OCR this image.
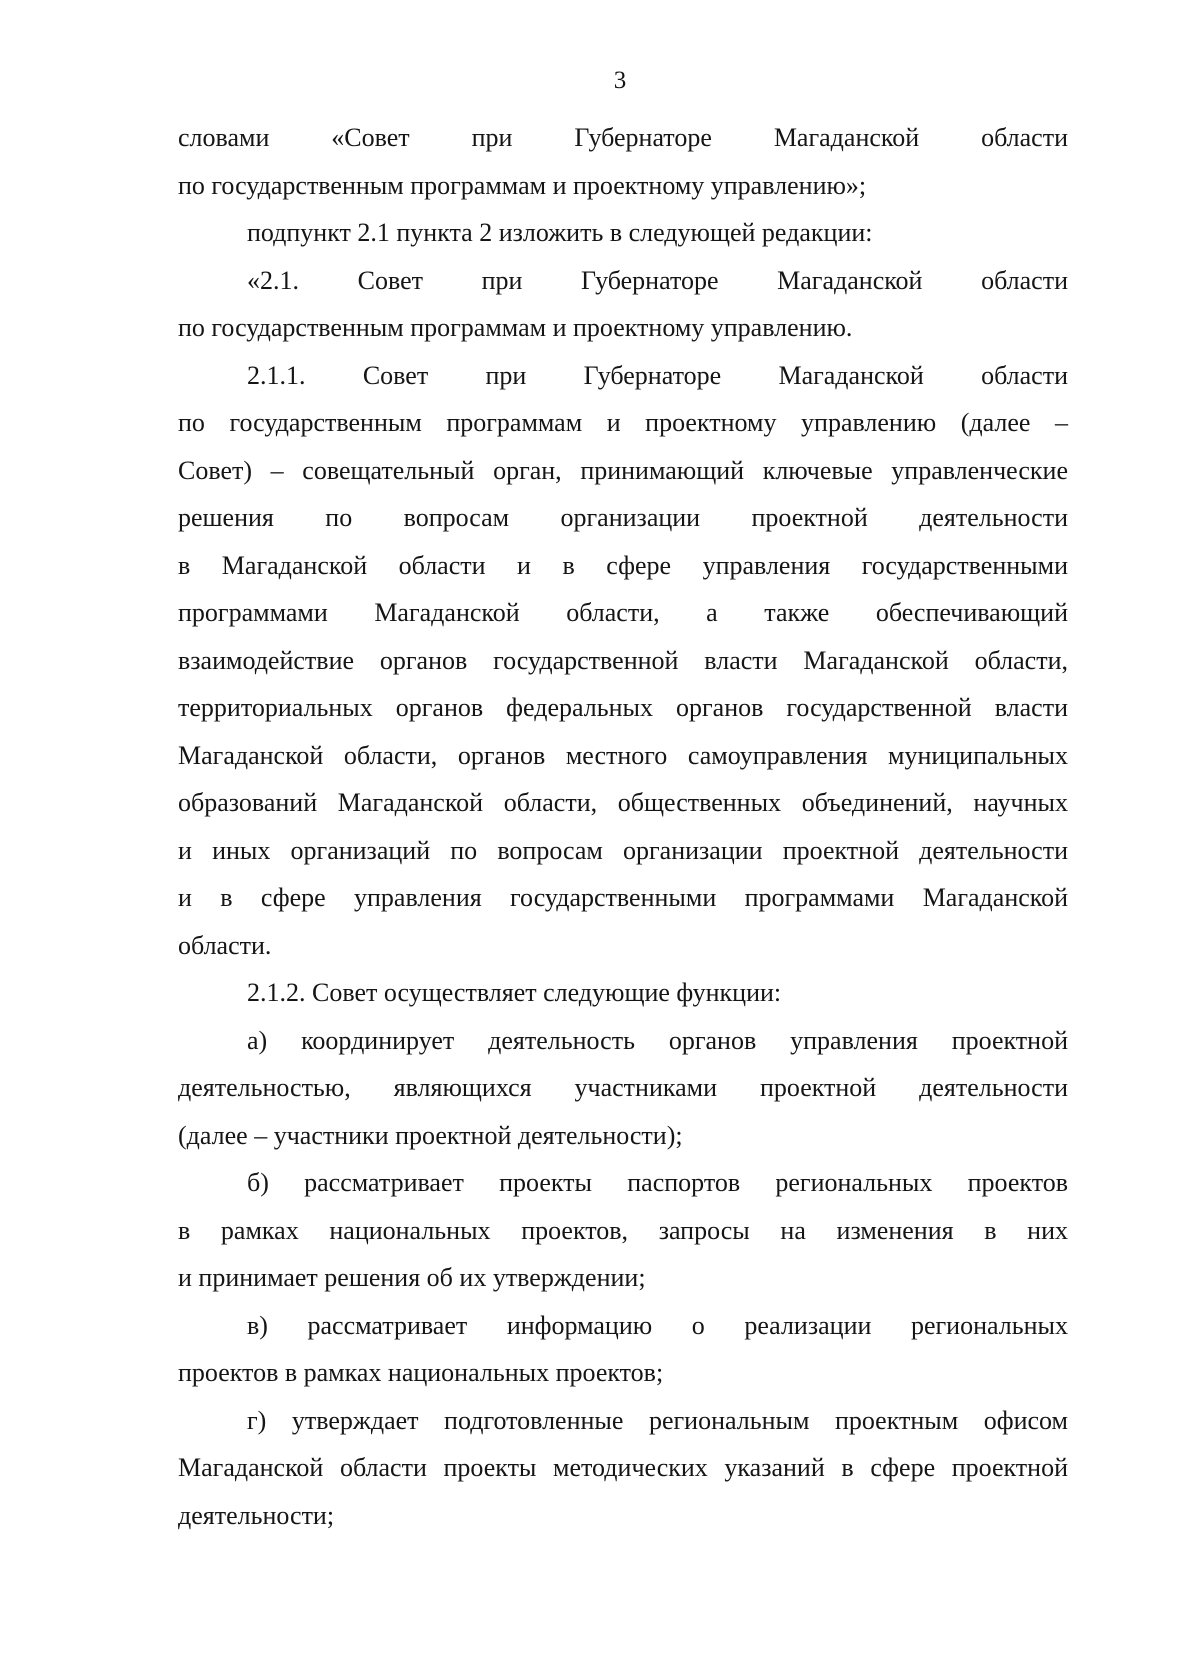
3

словами «Совет при Губернаторе Магаданской области
по государственным программам и проектному управлению»;

подпункт 2.1 пункта 2 изложить в следующей редакции:

«2.1. Совет при Губернаторе Магаданской области
по государственным программам и проектному управлению.

2.1.1. Совет при Губернаторе Магаданской области
по государственным программам и проектному управлению (далее –
Совет) – совещательный орган, принимающий ключевые управленческие
решения по вопросам организации проектной деятельности
в Магаданской области и в сфере управления государственными
программами Магаданской области, а также обеспечивающий
взаимодействие органов государственной власти Магаданской области,
территориальных органов федеральных органов государственной власти
Магаданской области, органов местного самоуправления муниципальных
образований Магаданской области, общественных объединений, научных
и иных организаций по вопросам организации проектной деятельности
и в сфере управления государственными программами Магаданской
области.

2.1.2. Совет осуществляет следующие функции:

а) координирует деятельность органов управления проектной
деятельностью, являющихся участниками проектной деятельности
(далее – участники проектной деятельности);

б) рассматривает проекты паспортов региональных проектов
в рамках национальных проектов, запросы на изменения в них
и принимает решения об их утверждении;

в) рассматривает информацию о реализации региональных
проектов в рамках национальных проектов;

г) утверждает подготовленные региональным проектным офисом
Магаданской области проекты методических указаний в сфере проектной
деятельности;
